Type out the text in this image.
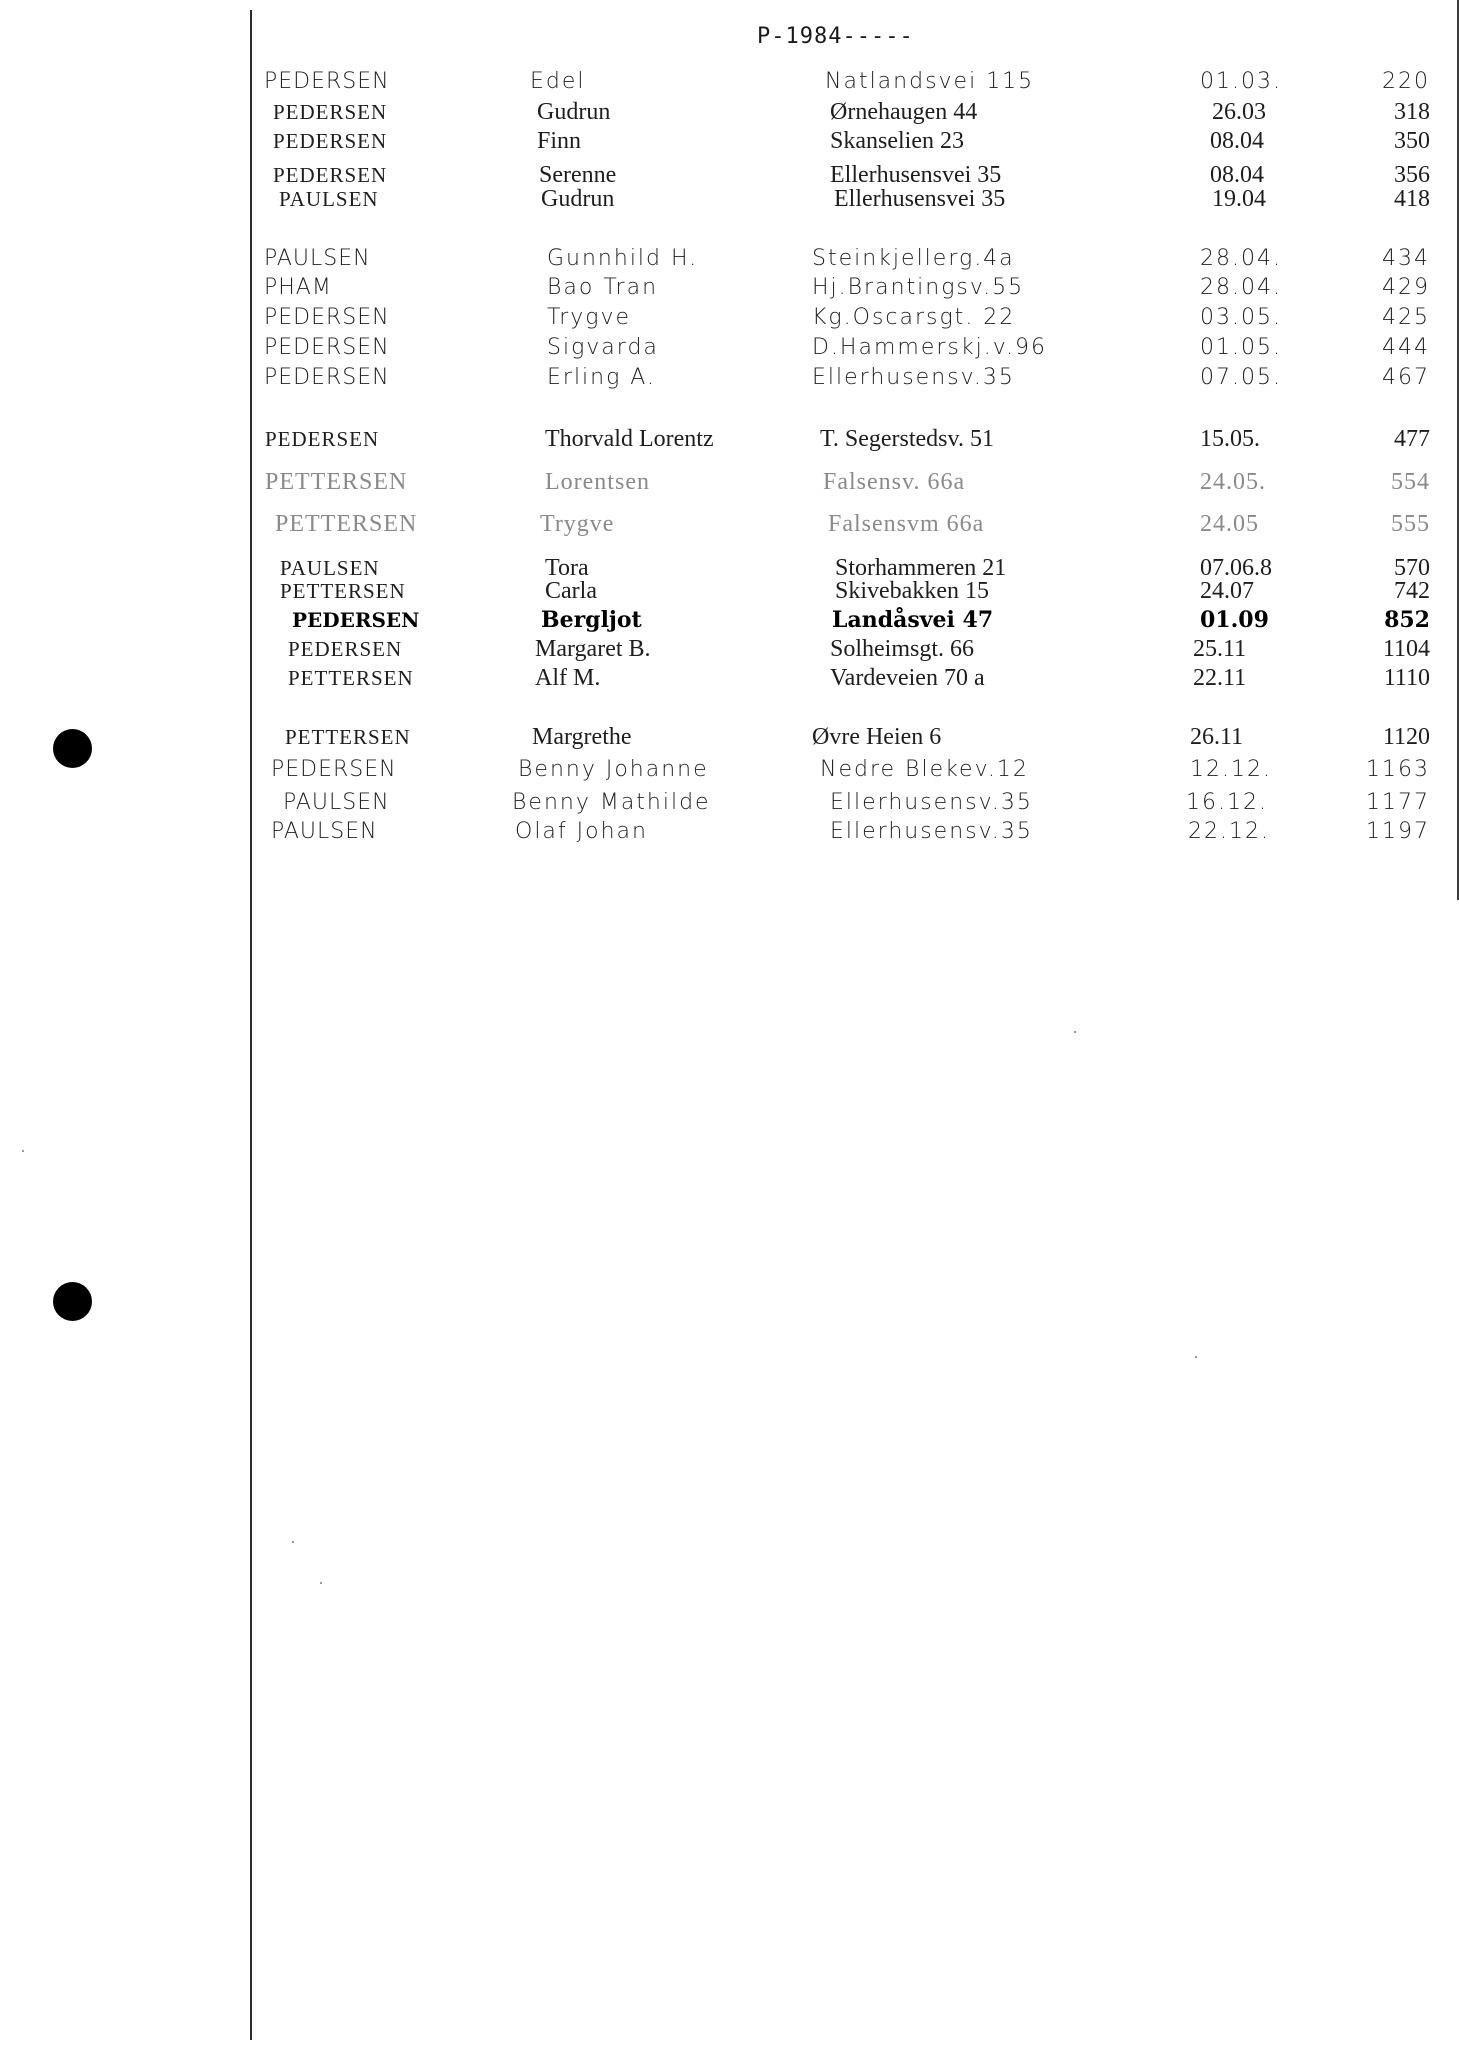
P-1984-----
PEDERSEN	Edel	Natlandsvei 115	01.03.	220
PEDERSEN	Gudrun	Ørnehaugen 44	26.03	318
PEDERSEN	Finn	Skanselien 23	08.04	350
PEDERSEN	Serenne	Ellerhusensvei 35	08.04	356
PAULSEN	Gudrun	Ellerhusensvei 35	19.04	418
PAULSEN	Gunnhild H.	Steinkjellerg.4a	28.04.	434
PHAM	Bao Tran	Hj.Brantingsv.55	28.04.	429
PEDERSEN	Trygve	Kg.Oscarsgt. 22	03.05.	425
PEDERSEN	Sigvarda	D.Hammerskj.v.96	01.05.	444
PEDERSEN	Erling A.	Ellerhusensv.35	07.05.	467
PEDERSEN	Thorvald Lorentz	T. Segerstedsv. 51	15.05.	477
PETTERSEN	Lorentsen	Falsensv. 66a	24.05.	554
PETTERSEN	Trygve	Falsensvm 66a	24.05	555
PAULSEN	Tora	Storhammeren 21	07.06.8	570
PETTERSEN	Carla	Skivebakken 15	24.07	742
PEDERSEN	Bergljot	Landåsvei 47	01.09	852
PEDERSEN	Margaret B.	Solheimsgt. 66	25.11	1104
PETTERSEN	Alf M.	Vardeveien 70 a	22.11	1110
PETTERSEN	Margrethe	Øvre Heien 6	26.11	1120
PEDERSEN	Benny Johanne	Nedre Blekev.12	12.12.	1163
PAULSEN	Benny Mathilde	Ellerhusensv.35	16.12.	1177
PAULSEN	Olaf Johan	Ellerhusensv.35	22.12.	1197
